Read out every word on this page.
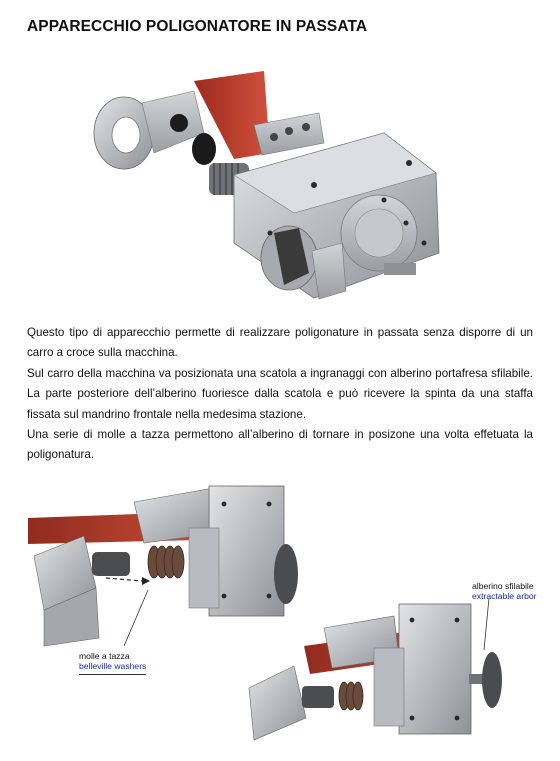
APPARECCHIO POLIGONATORE IN PASSATA

Questo tipo di apparecchio permette di realizzare poligonature in passata senza disporre di un carro a croce sulla macchina.

Sul carro della macchina va posizionata una scatola a ingranaggi con alberino portafresa sfilabile. La parte posteriore dell’alberino fuoriesce dalla scatola e può ricevere la spinta da una staffa fissata sul mandrino frontale nella medesima stazione.

Una serie di molle a tazza permettono all’alberino di tornare in posizone una volta effetuata la poligonatura.

molle a tazza
belleville washers
alberino sfilabile
extractable arbor
